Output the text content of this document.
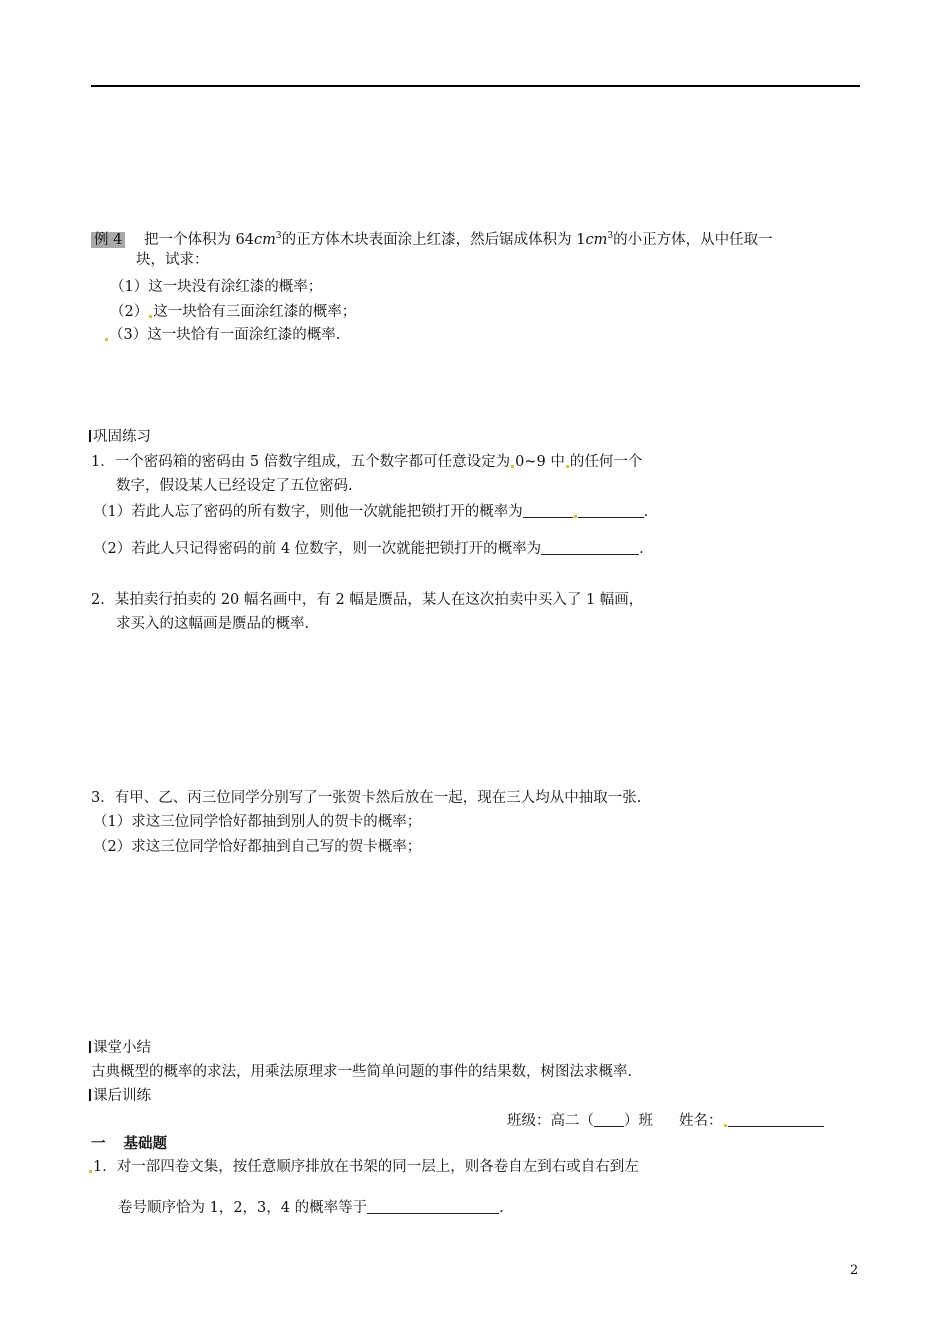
例 4 把一个体积为 $64cm^3$的正方体木块表面涂上红漆，然后锯成体积为 $1cm^3$的小正方体，从中任取一
块，试求：
（1）这一块没有涂红漆的概率；
（2） 这一块恰有三面涂红漆的概率；
（3）这一块恰有一面涂红漆的概率.
巩固练习
1．一个密码箱的密码由 5 倍数字组成，五个数字都可任意设定为 0~9 中 的任何一个
数字，假设某人已经设定了五位密码.
（1）若此人忘了密码的所有数字，则他一次就能把锁打开的概率为	.
（2）若此人只记得密码的前 4 位数字，则一次就能把锁打开的概率为	.
2．某拍卖行拍卖的 20 幅名画中，有 2 幅是赝品，某人在这次拍卖中买入了 1 幅画，
求买入的这幅画是赝品的概率.
3．有甲、乙、丙三位同学分别写了一张贺卡然后放在一起，现在三人均从中抽取一张.
（1）求这三位同学恰好都抽到别人的贺卡的概率；
（2）求这三位同学恰好都抽到自己写的贺卡概率；
课堂小结
古典概型的概率的求法，用乘法原理求一些简单问题的事件的结果数，树图法求概率.
课后训练
班级：高二（ ）班 姓名：
一 基础题
1．对一部四卷文集，按任意顺序排放在书架的同一层上，则各卷自左到右或自右到左
卷号顺序恰为 1，2，3，4 的概率等于	.
2
